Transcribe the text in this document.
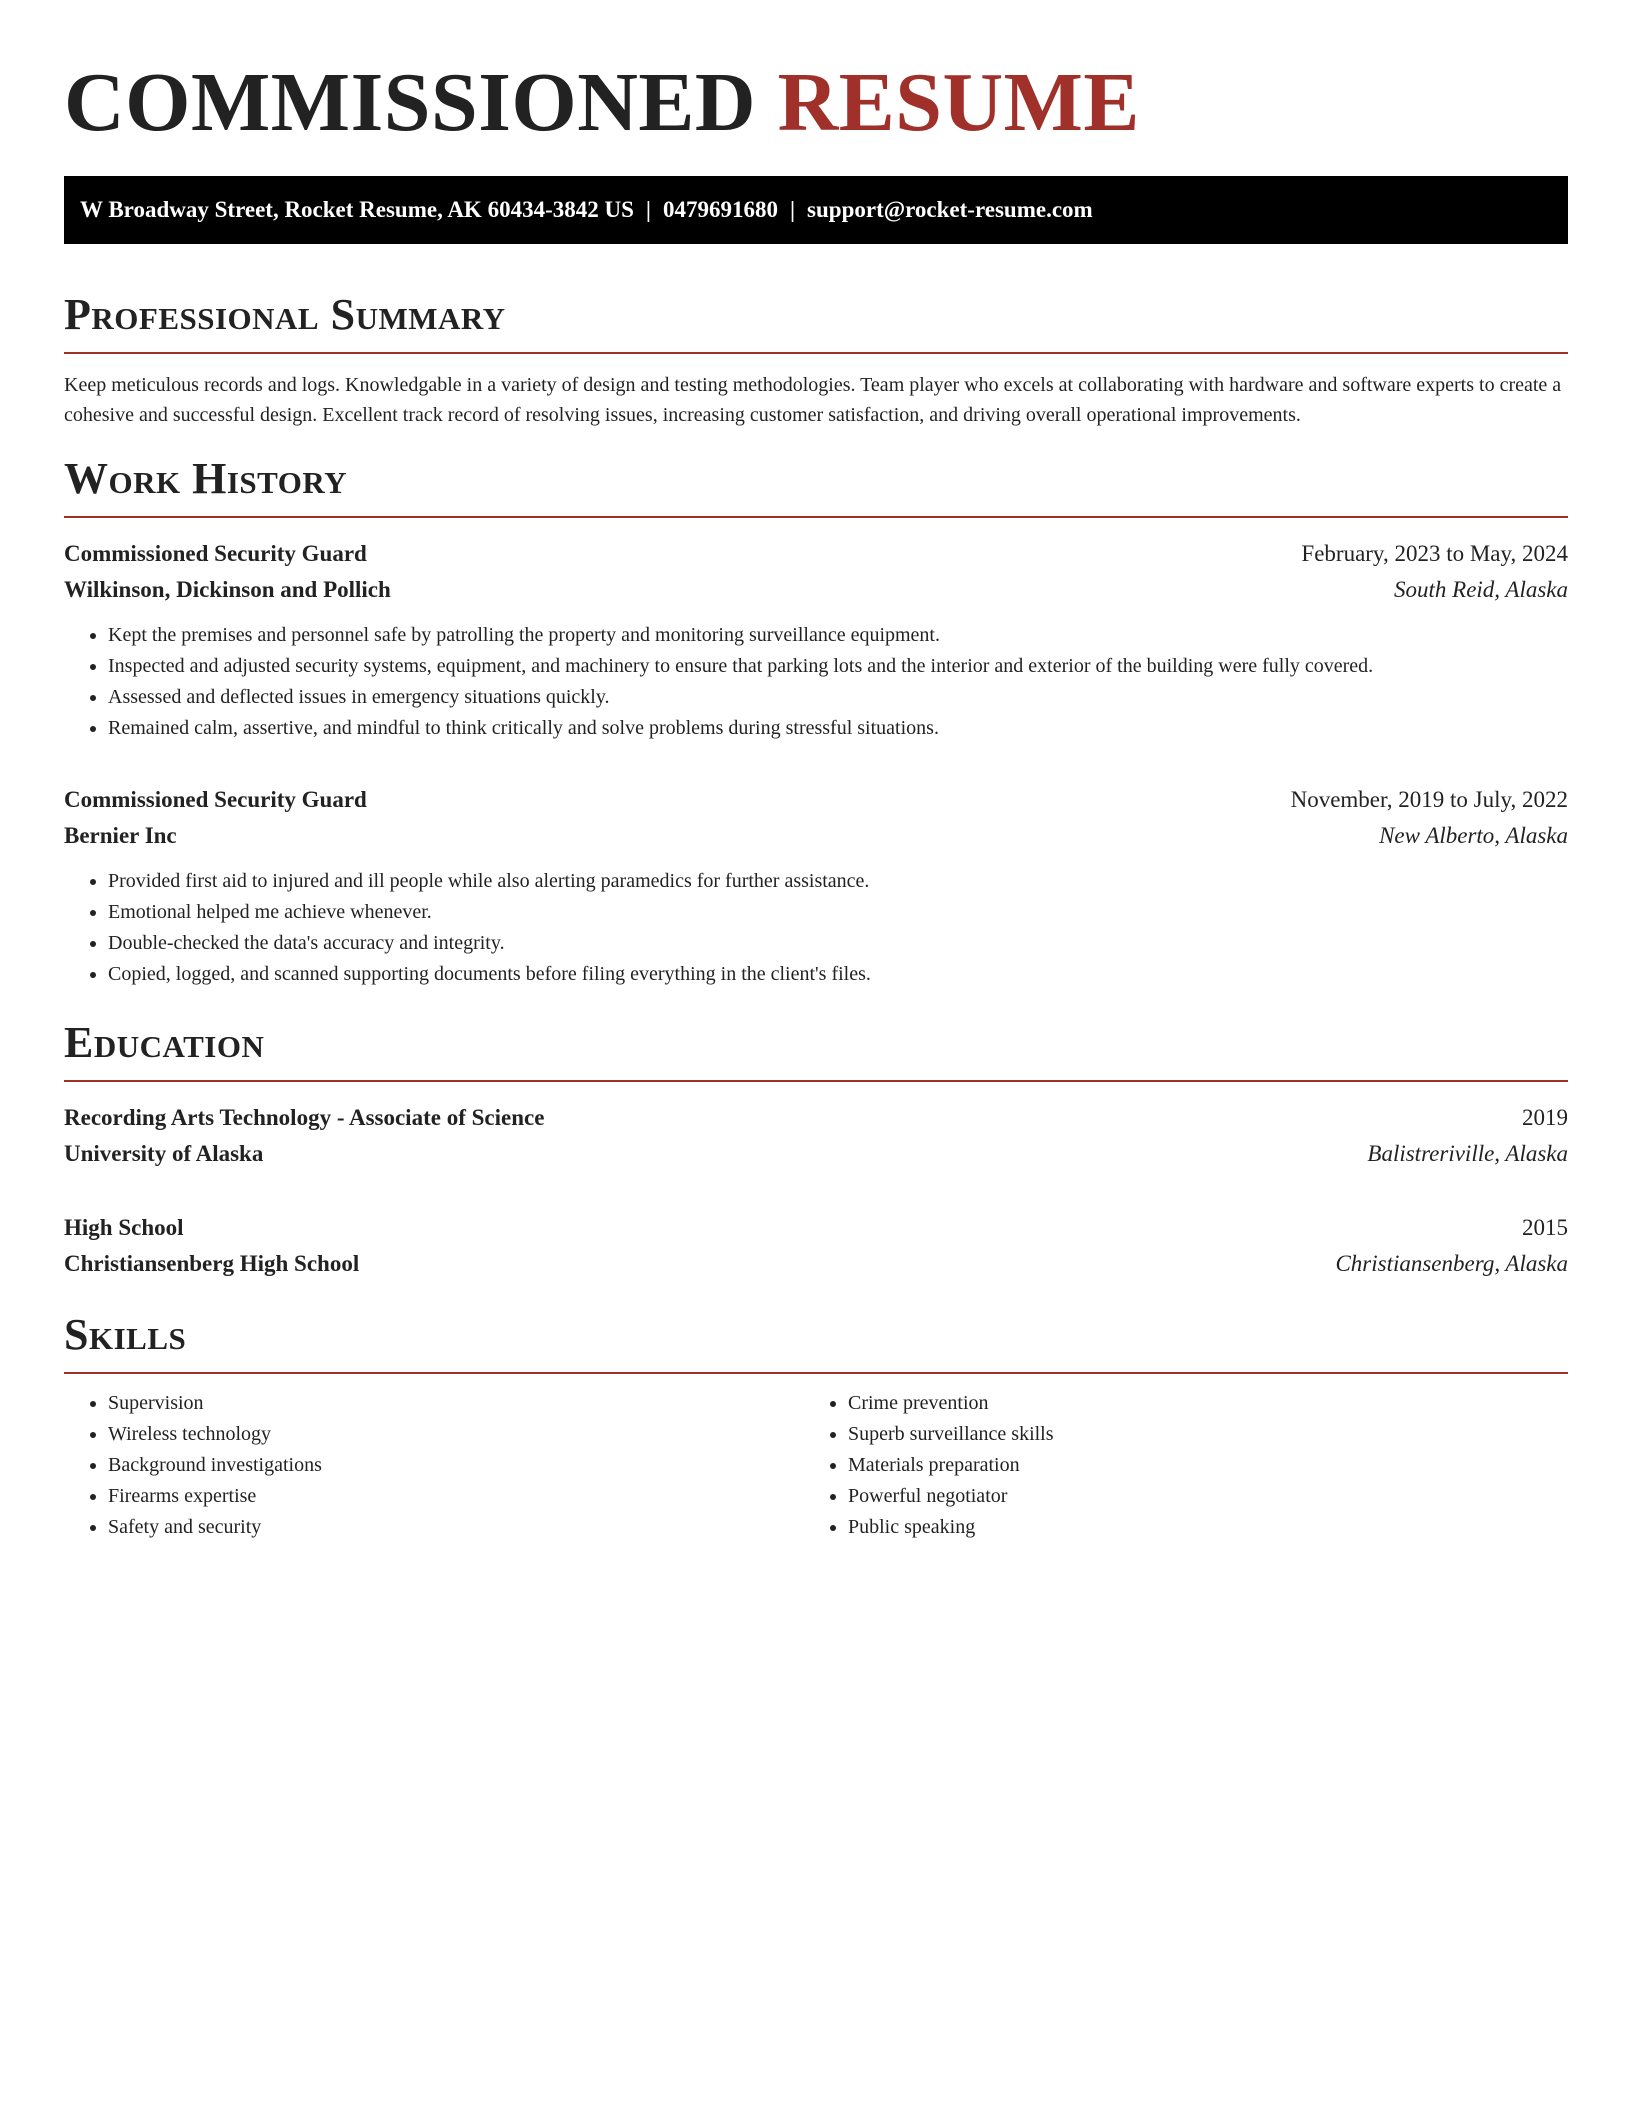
COMMISSIONED RESUME
W Broadway Street, Rocket Resume, AK 60434-3842 US | 0479691680 | support@rocket-resume.com
Professional Summary

Keep meticulous records and logs. Knowledgable in a variety of design and testing methodologies. Team player who excels at collaborating with hardware and software experts to create a cohesive and successful design. Excellent track record of resolving issues, increasing customer satisfaction, and driving overall operational improvements.

Work History
Commissioned Security Guard	February, 2023 to May, 2024
Wilkinson, Dickinson and Pollich	South Reid, Alaska
• Kept the premises and personnel safe by patrolling the property and monitoring surveillance equipment.
• Inspected and adjusted security systems, equipment, and machinery to ensure that parking lots and the interior and exterior of the building were fully covered.
• Assessed and deflected issues in emergency situations quickly.
• Remained calm, assertive, and mindful to think critically and solve problems during stressful situations.
Commissioned Security Guard	November, 2019 to July, 2022
Bernier Inc	New Alberto, Alaska
• Provided first aid to injured and ill people while also alerting paramedics for further assistance.
• Emotional helped me achieve whenever.
• Double-checked the data's accuracy and integrity.
• Copied, logged, and scanned supporting documents before filing everything in the client's files.
Education
Recording Arts Technology - Associate of Science	2019
University of Alaska	Balistreriville, Alaska
High School	2015
Christiansenberg High School	Christiansenberg, Alaska
Skills
• Supervision
• Wireless technology
• Background investigations
• Firearms expertise
• Safety and security
• Crime prevention
• Superb surveillance skills
• Materials preparation
• Powerful negotiator
• Public speaking
